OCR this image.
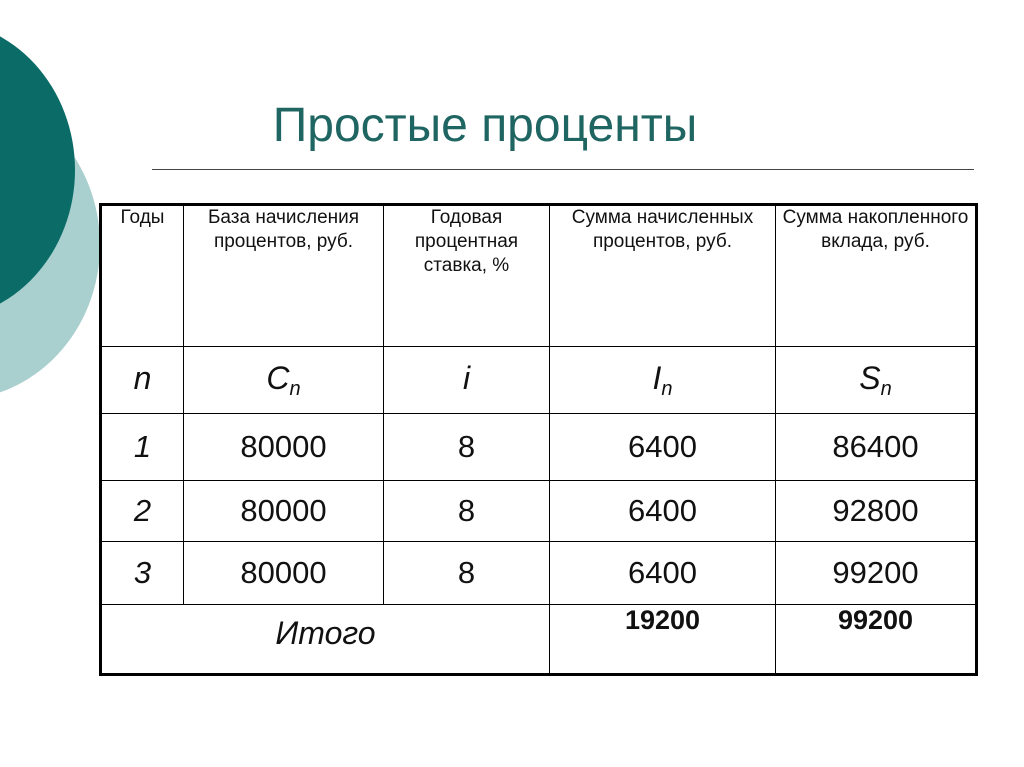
Простые проценты
Годы	База начисления процентов, руб.	Годовая процентная ставка, %	Сумма начисленных процентов, руб.	Сумма накопленного вклада, руб.
n	$C_n$	i	$I_n$	$S_n$
1	80000	8	6400	86400
2	80000	8	6400	92800
3	80000	8	6400	99200
Итого			19200	99200
